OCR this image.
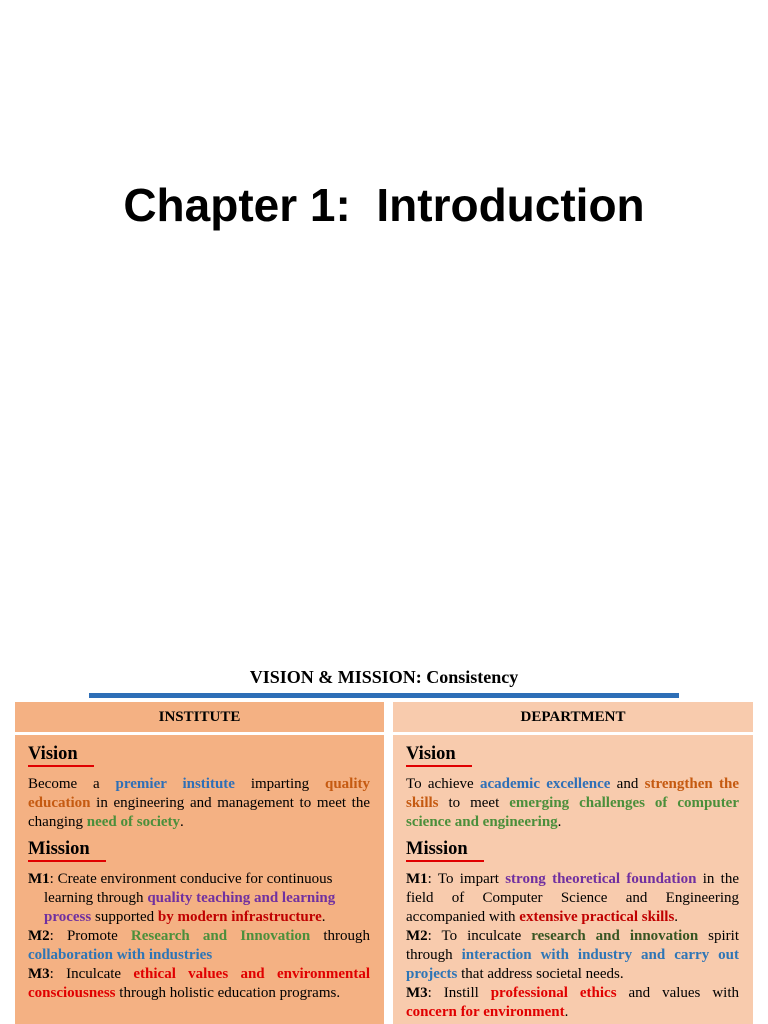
Chapter 1:  Introduction
VISION & MISSION: Consistency
INSTITUTE
Vision

Become a premier institute imparting quality education in engineering and management to meet the changing need of society.

Mission

M1: Create environment conducive for continuous learning through quality teaching and learning process supported by modern infrastructure.

M2: Promote Research and Innovation through collaboration with industries

M3: Inculcate ethical values and environmental consciousness through holistic education programs.

DEPARTMENT
Vision

To achieve academic excellence and strengthen the skills to meet emerging challenges of computer science and engineering.

Mission

M1: To impart strong theoretical foundation in the field of Computer Science and Engineering accompanied with extensive practical skills.

M2: To inculcate research and innovation spirit through interaction with industry and carry out projects that address societal needs.

M3: Instill professional ethics and values with concern for environment.
